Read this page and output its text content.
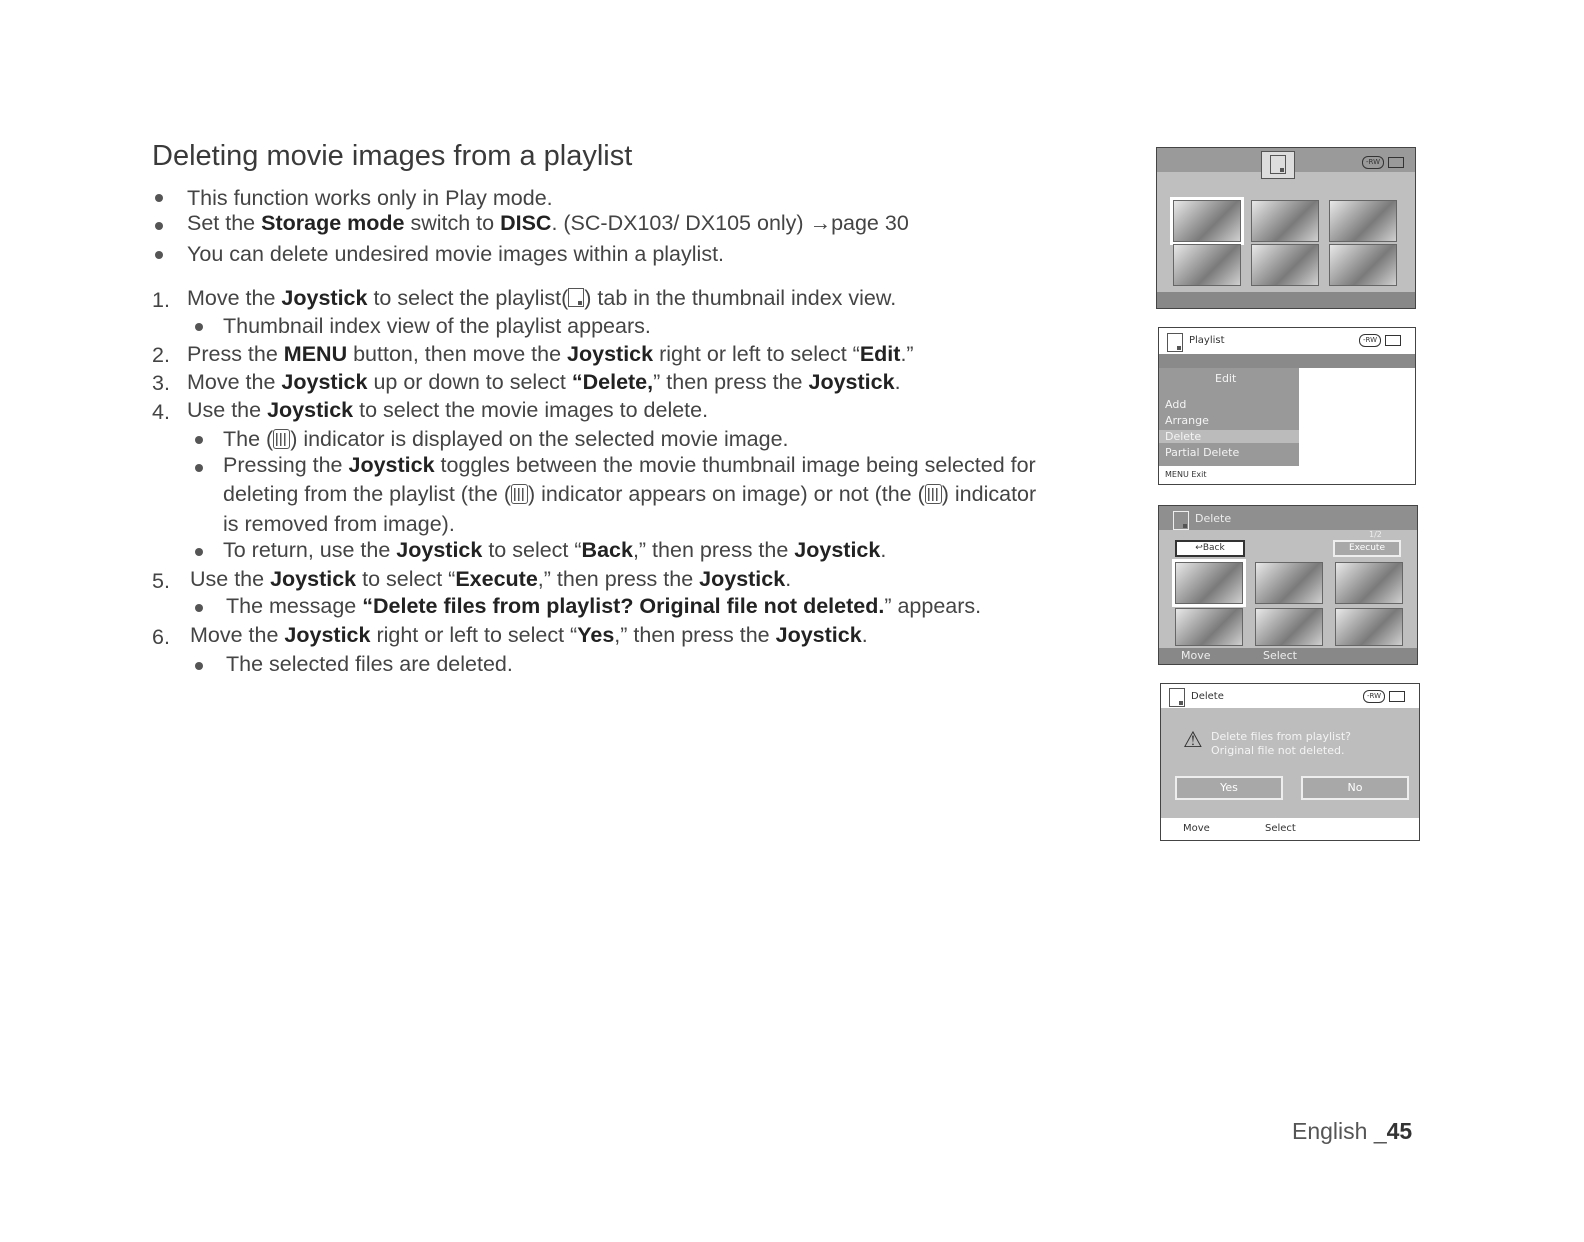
Deleting movie images from a playlist
This function works only in Play mode.
Set the Storage mode switch to DISC. (SC-DX103/ DX105 only) →page 30
You can delete undesired movie images within a playlist.
1. Move the Joystick to select the playlist( ) tab in the thumbnail index view.
Thumbnail index view of the playlist appears.
2. Press the MENU button, then move the Joystick right or left to select “Edit.”
3. Move the Joystick up or down to select “Delete,” then press the Joystick.
4. Use the Joystick to select the movie images to delete.
The ( ) indicator is displayed on the selected movie image.
Pressing the Joystick toggles between the movie thumbnail image being selected for
deleting from the playlist (the ( ) indicator appears on image) or not (the ( ) indicator
is removed from image).
To return, use the Joystick to select “Back,” then press the Joystick.
5. Use the Joystick to select “Execute,” then press the Joystick.
The message “Delete files from playlist? Original file not deleted.” appears.
6. Move the Joystick right or left to select “Yes,” then press the Joystick.
The selected files are deleted.
-RW
Playlist	-RW
Edit
Add
Arrange
Delete
Partial Delete
MENU Exit
Delete
↩Back
1/2
Execute
Move	Select
Delete	-RW
⚠ Delete files from playlist?
Original file not deleted.
Yes	No
Move	Select
English _45
